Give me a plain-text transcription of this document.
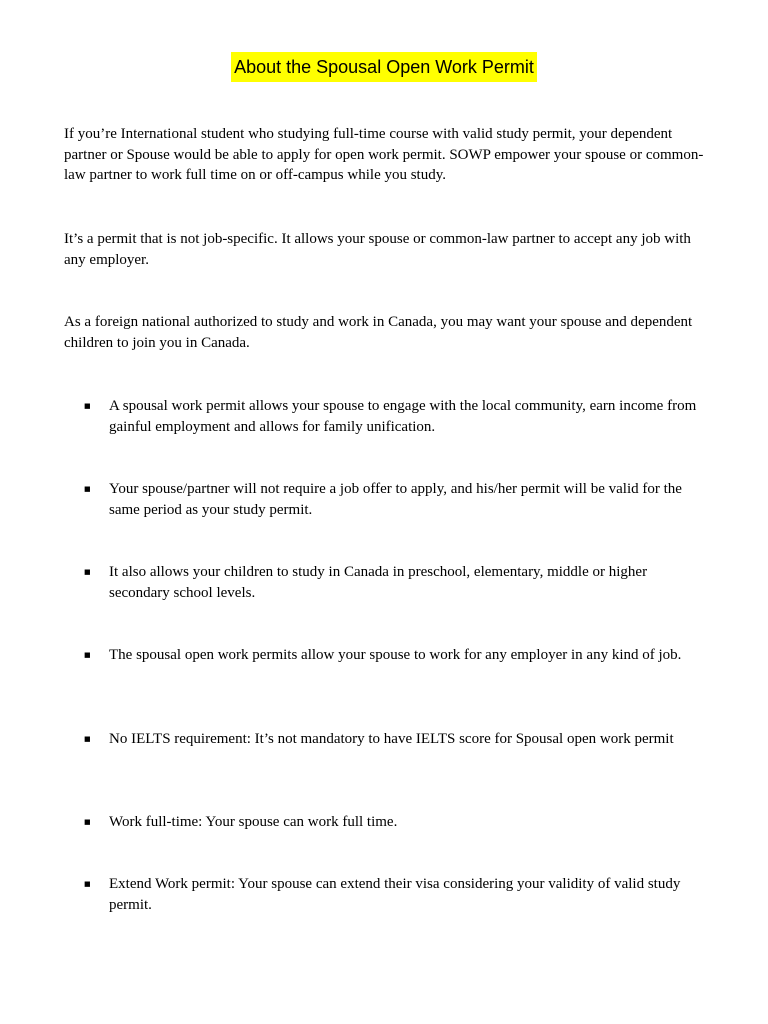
About the Spousal Open Work Permit

If you’re International student who studying full-time course with valid study permit, your dependent partner or Spouse would be able to apply for open work permit. SOWP empower your spouse or common-law partner to work full time on or off-campus while you study.

It’s a permit that is not job-specific. It allows your spouse or common-law partner to accept any job with any employer.

As a foreign national authorized to study and work in Canada, you may want your spouse and dependent children to join you in Canada.

■	A spousal work permit allows your spouse to engage with the local community, earn income from gainful employment and allows for family unification.
■	Your spouse/partner will not require a job offer to apply, and his/her permit will be valid for the same period as your study permit.
■	It also allows your children to study in Canada in preschool, elementary, middle or higher secondary school levels.
■	The spousal open work permits allow your spouse to work for any employer in any kind of job.
■	No IELTS requirement: It’s not mandatory to have IELTS score for Spousal open work permit
■	Work full-time: Your spouse can work full time.
■	Extend Work permit: Your spouse can extend their visa considering your validity of valid study permit.
